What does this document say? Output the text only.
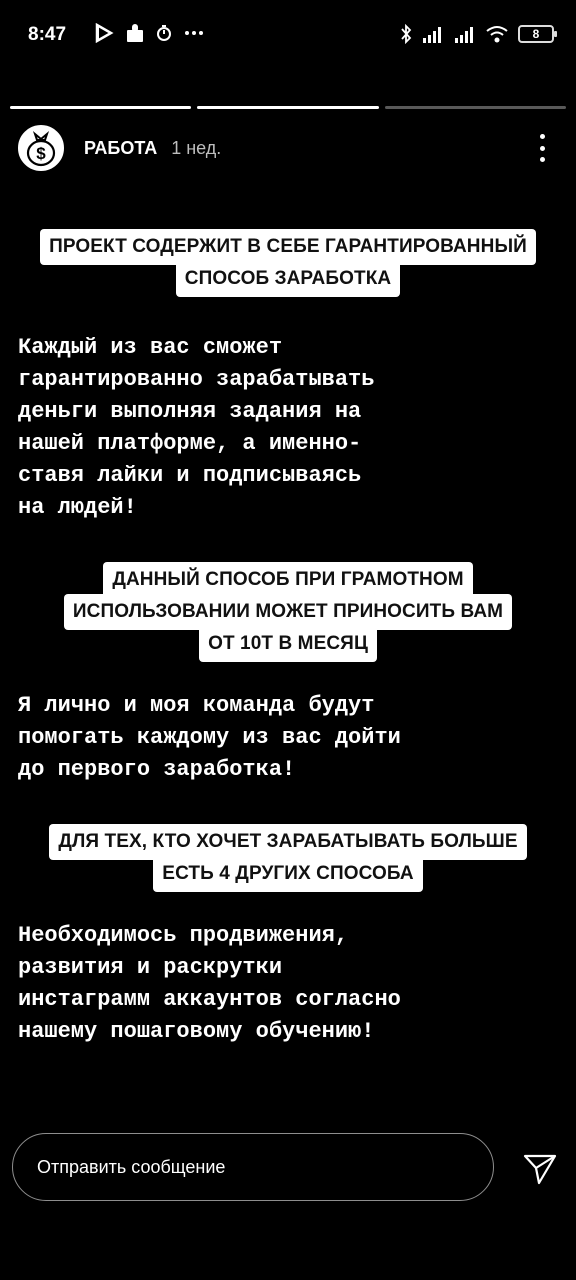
8:47	8
$ РАБОТА 1 нед.
ПРОЕКТ СОДЕРЖИТ В СЕБЕ ГАРАНТИРОВАННЫЙ
СПОСОБ ЗАРАБОТКА
Каждый из вас сможет
гарантированно зарабатывать
деньги выполняя задания на
нашей платформе, а именно-
ставя лайки и подписываясь
на людей!
ДАННЫЙ СПОСОБ ПРИ ГРАМОТНОМ
ИСПОЛЬЗОВАНИИ МОЖЕТ ПРИНОСИТЬ ВАМ
ОТ 10Т В МЕСЯЦ
Я лично и моя команда будут
помогать каждому из вас дойти
до первого заработка!
ДЛЯ ТЕХ, КТО ХОЧЕТ ЗАРАБАТЫВАТЬ БОЛЬШЕ
ЕСТЬ 4 ДРУГИХ СПОСОБА
Необходимось продвижения,
развития и раскрутки
инстаграмм аккаунтов согласно
нашему пошаговому обучению!
Отправить сообщение
